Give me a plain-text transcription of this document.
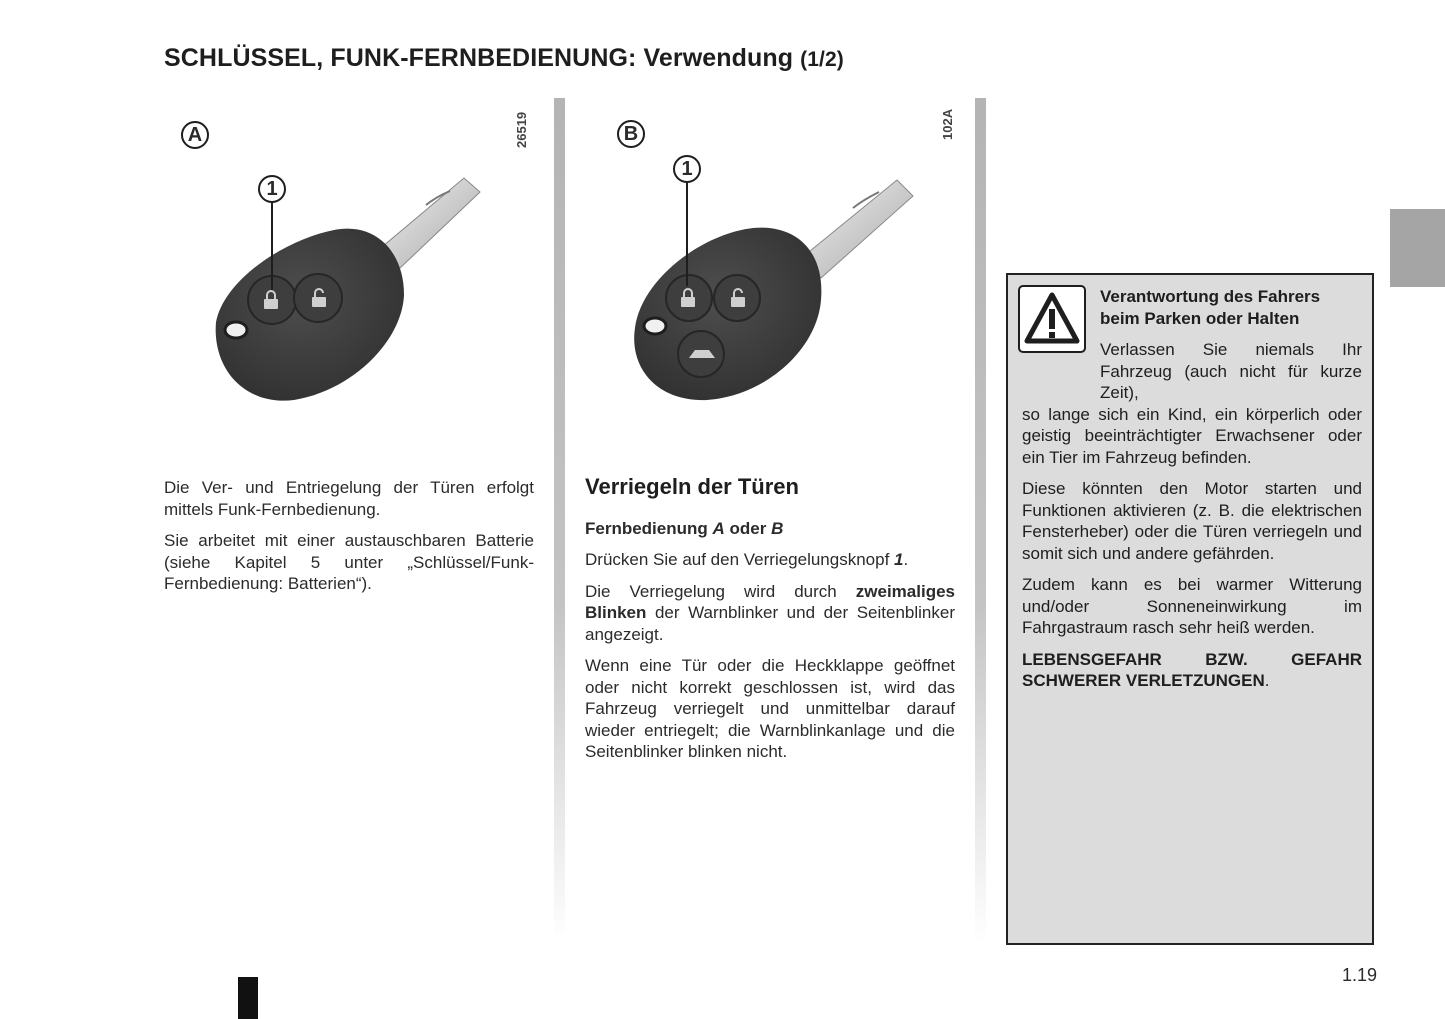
SCHLÜSSEL, FUNK-FERNBEDIENUNG: Verwendung (1/2)
A
1
26519	B
1
102A

Die Ver- und Entriegelung der Türen erfolgt mittels Funk-Fernbedienung.

Sie arbeitet mit einer austauschbaren Batterie (siehe Kapitel 5 unter „Schlüssel/Funk-Fernbedienung: Batterien“).

Verriegeln der Türen

Fernbedienung A oder B

Drücken Sie auf den Verriegelungsknopf 1.

Die Verriegelung wird durch zweimaliges Blinken der Warnblinker und der Seitenblinker angezeigt.

Wenn eine Tür oder die Heckklappe geöffnet oder nicht korrekt geschlossen ist, wird das Fahrzeug verriegelt und unmittelbar darauf wieder entriegelt; die Warnblinkanlage und die Seitenblinker blinken nicht.

Verantwortung des Fahrers beim Parken oder Halten

Verlassen Sie niemals Ihr Fahrzeug (auch nicht für kurze Zeit),

so lange sich ein Kind, ein körperlich oder geistig beeinträchtigter Erwachsener oder ein Tier im Fahrzeug befinden.

Diese könnten den Motor starten und Funktionen aktivieren (z. B. die elektrischen Fensterheber) oder die Türen verriegeln und somit sich und andere gefährden.

Zudem kann es bei warmer Witterung und/oder Sonneneinwirkung im Fahrgastraum rasch sehr heiß werden.

LEBENSGEFAHR BZW. GEFAHR SCHWERER VERLETZUNGEN.

1.19
